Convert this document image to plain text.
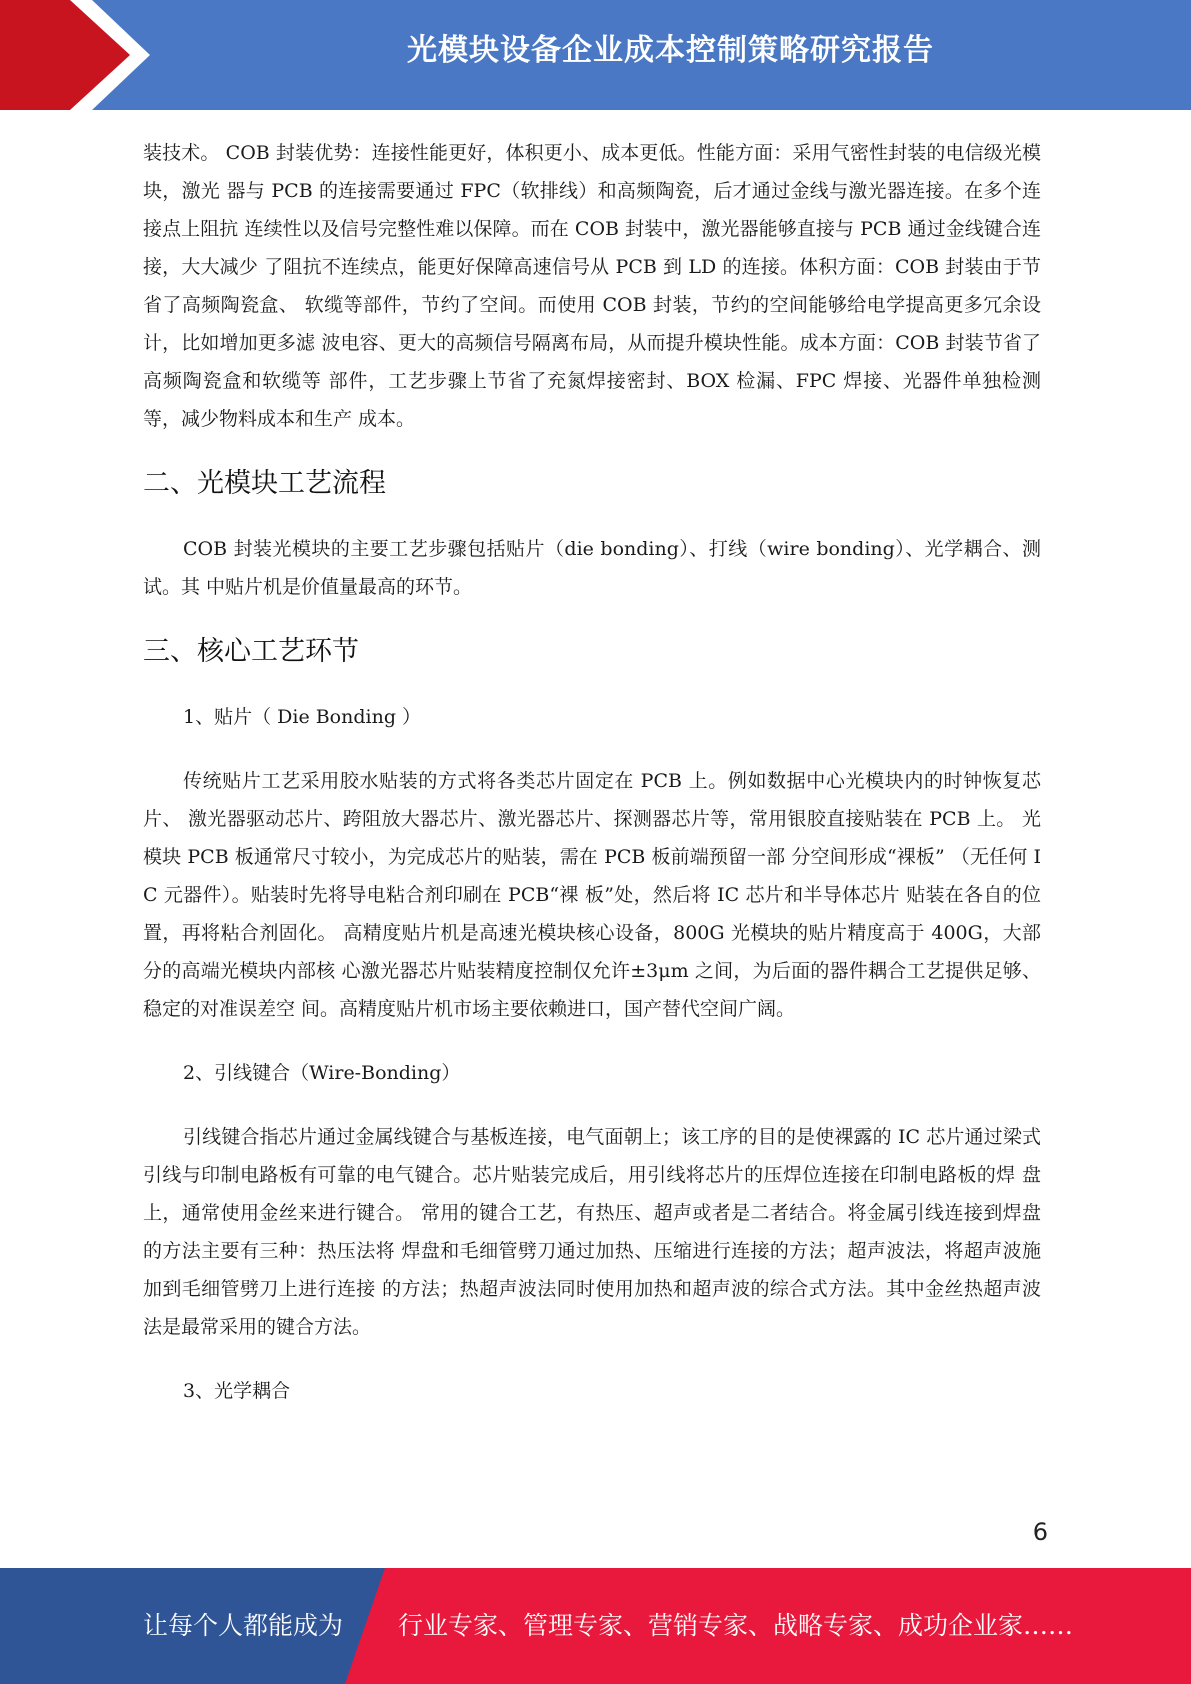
光模块设备企业成本控制策略研究报告

装技术。 COB 封装优势：连接性能更好，体积更小、成本更低。性能方面：采用气密性封装的电信级光模块，激光 器与 PCB 的连接需要通过 FPC（软排线）和高频陶瓷，后才通过金线与激光器连接。在多个连接点上阻抗 连续性以及信号完整性难以保障。而在 COB 封装中，激光器能够直接与 PCB 通过金线键合连接，大大减少 了阻抗不连续点，能更好保障高速信号从 PCB 到 LD 的连接。体积方面：COB 封装由于节省了高频陶瓷盒、 软缆等部件，节约了空间。而使用 COB 封装，节约的空间能够给电学提高更多冗余设计，比如增加更多滤 波电容、更大的高频信号隔离布局，从而提升模块性能。成本方面：COB 封装节省了高频陶瓷盒和软缆等 部件，工艺步骤上节省了充氮焊接密封、BOX 检漏、FPC 焊接、光器件单独检测等，减少物料成本和生产 成本。

二、光模块工艺流程

COB 封装光模块的主要工艺步骤包括贴片（die bonding）、打线（wire bonding）、光学耦合、测试。其 中贴片机是价值量最高的环节。

三、核心工艺环节

1、贴片（ Die Bonding ）

传统贴片工艺采用胶水贴装的方式将各类芯片固定在 PCB 上。例如数据中心光模块内的时钟恢复芯片、 激光器驱动芯片、跨阻放大器芯片、激光器芯片、探测器芯片等，常用银胶直接贴装在 PCB 上。 光模块 PCB 板通常尺寸较小，为完成芯片的贴装，需在 PCB 板前端预留一部 分空间形成“裸板” （无任何 IC 元器件）。贴装时先将导电粘合剂印刷在 PCB“裸 板”处，然后将 IC 芯片和半导体芯片 贴装在各自的位置，再将粘合剂固化。 高精度贴片机是高速光模块核心设备，800G 光模块的贴片精度高于 400G，大部分的高端光模块内部核 心激光器芯片贴装精度控制仅允许±3μm 之间，为后面的器件耦合工艺提供足够、稳定的对准误差空 间。高精度贴片机市场主要依赖进口，国产替代空间广阔。

2、引线键合（Wire-Bonding）

引线键合指芯片通过金属线键合与基板连接，电气面朝上；该工序的目的是使裸露的 IC 芯片通过梁式 引线与印制电路板有可靠的电气键合。芯片贴装完成后，用引线将芯片的压焊位连接在印制电路板的焊 盘上，通常使用金丝来进行键合。 常用的键合工艺，有热压、超声或者是二者结合。将金属引线连接到焊盘的方法主要有三种：热压法将 焊盘和毛细管劈刀通过加热、压缩进行连接的方法；超声波法，将超声波施加到毛细管劈刀上进行连接 的方法；热超声波法同时使用加热和超声波的综合式方法。其中金丝热超声波法是最常采用的键合方法。

3、光学耦合

6
让每个人都能成为 行业专家、管理专家、营销专家、战略专家、成功企业家……
